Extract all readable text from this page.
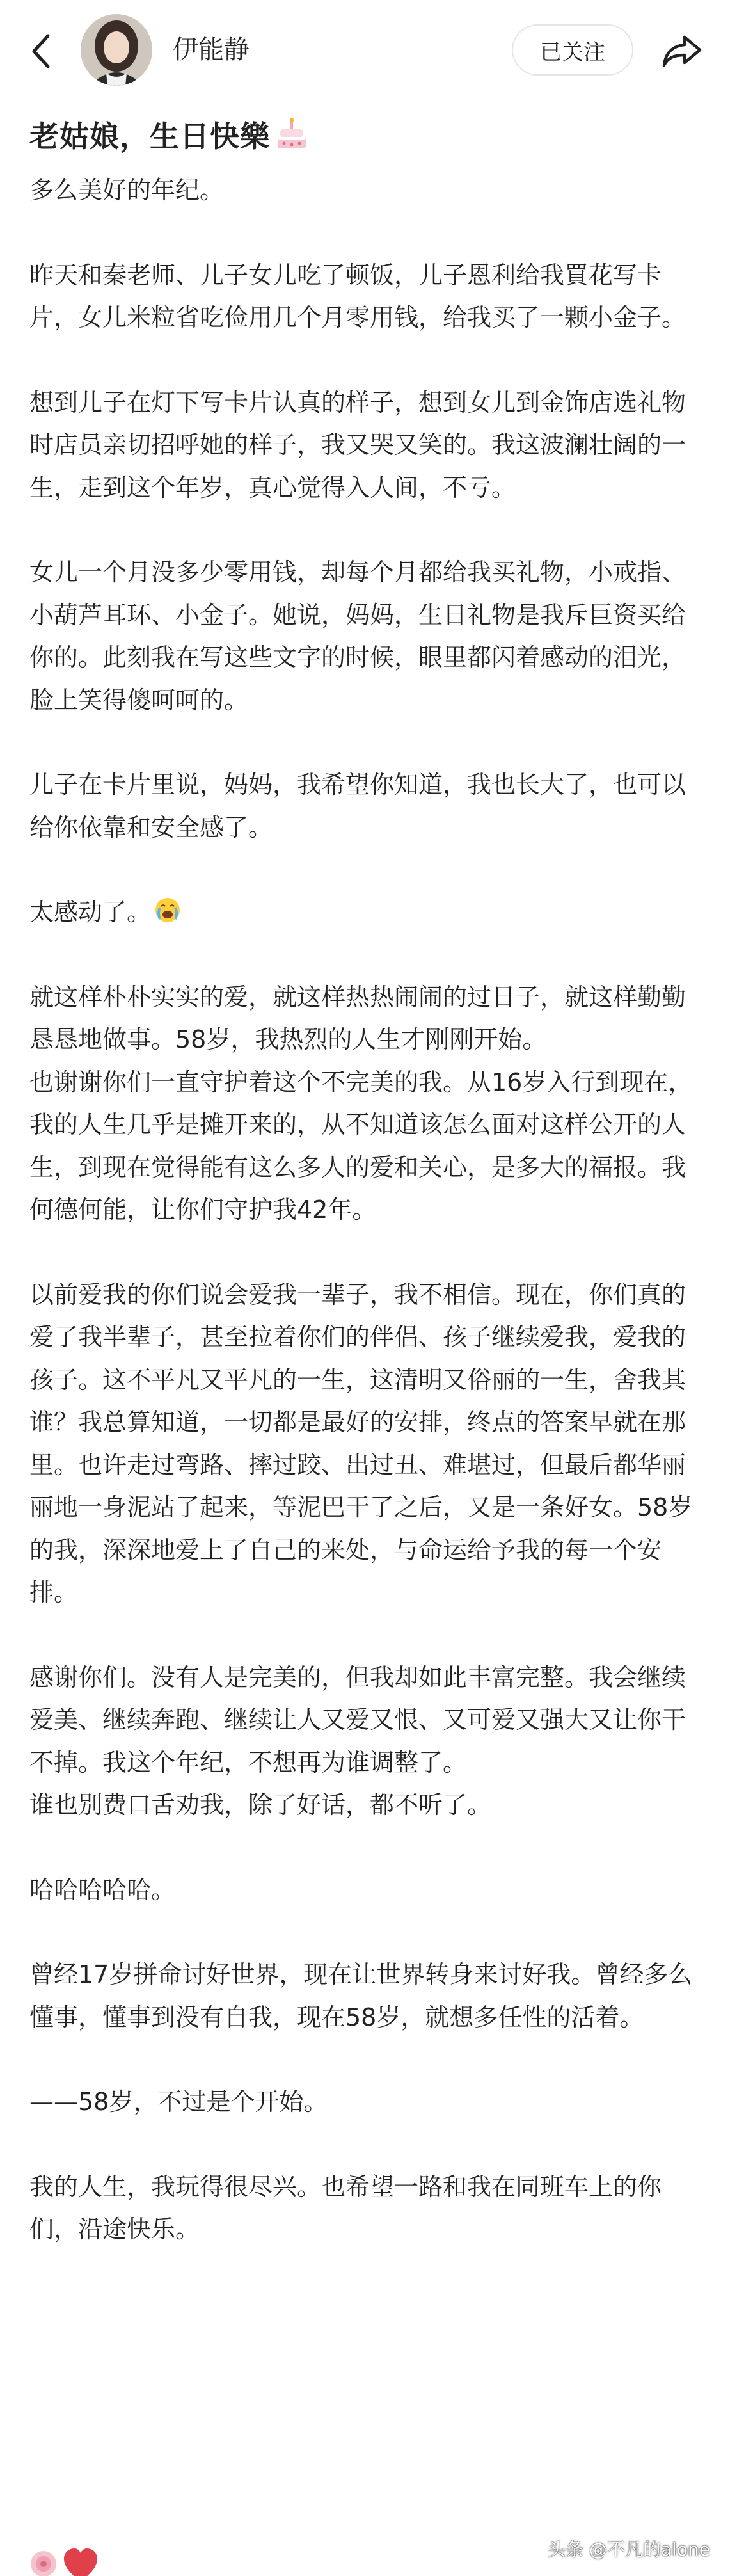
伊能静	已关注
老姑娘，生日快樂

多么美好的年纪。

昨天和秦老师、儿子女儿吃了顿饭，儿子恩利给我買花写卡片，女儿米粒省吃俭用几个月零用钱，给我买了一颗小金子。

想到儿子在灯下写卡片认真的样子，想到女儿到金饰店选礼物时店员亲切招呼她的样子，我又哭又笑的。我这波澜壮阔的一生，走到这个年岁，真心觉得入人间，不亏。

女儿一个月没多少零用钱，却每个月都给我买礼物，小戒指、小葫芦耳环、小金子。她说，妈妈，生日礼物是我斥巨资买给你的。此刻我在写这些文字的时候，眼里都闪着感动的泪光，脸上笑得傻呵呵的。

儿子在卡片里说，妈妈，我希望你知道，我也长大了，也可以给你依靠和安全感了。

太感动了。

就这样朴朴实实的爱，就这样热热闹闹的过日子，就这样勤勤恳恳地做事。58岁，我热烈的人生才刚刚开始。

也谢谢你们一直守护着这个不完美的我。从16岁入行到现在，我的人生几乎是摊开来的，从不知道该怎么面对这样公开的人生，到现在觉得能有这么多人的爱和关心，是多大的福报。我何德何能，让你们守护我42年。

以前爱我的你们说会爱我一辈子，我不相信。现在，你们真的爱了我半辈子，甚至拉着你们的伴侣、孩子继续爱我，爱我的孩子。这不平凡又平凡的一生，这清明又俗丽的一生，舍我其谁？我总算知道，一切都是最好的安排，终点的答案早就在那里。也许走过弯路、摔过跤、出过丑、难堪过，但最后都华丽丽地一身泥站了起来，等泥巴干了之后，又是一条好女。58岁的我，深深地爱上了自己的来处，与命运给予我的每一个安排。

感谢你们。没有人是完美的，但我却如此丰富完整。我会继续爱美、继续奔跑、继续让人又爱又恨、又可爱又强大又让你干不掉。我这个年纪，不想再为谁调整了。

谁也别费口舌劝我，除了好话，都不听了。

哈哈哈哈哈。

曾经17岁拼命讨好世界，现在让世界转身来讨好我。曾经多么懂事，懂事到没有自我，现在58岁，就想多任性的活着。

——58岁，不过是个开始。

我的人生，我玩得很尽兴。也希望一路和我在同班车上的你们，沿途快乐。

头条 @不凡的alone
